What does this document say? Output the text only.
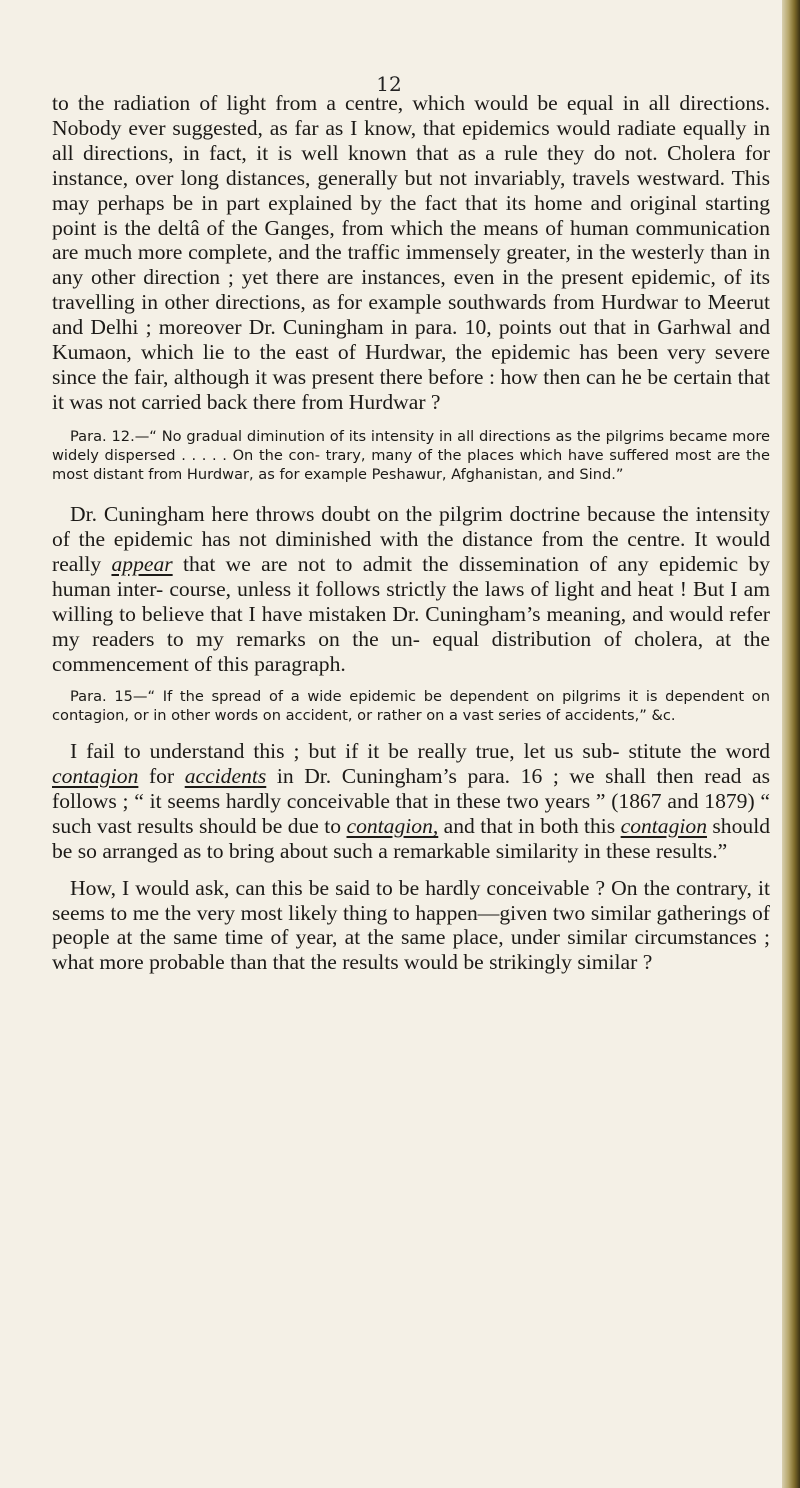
12

to the radiation of light from a centre, which would be equal in all directions. Nobody ever suggested, as far as I know, that epidemics would radiate equally in all directions, in fact, it is well known that as a rule they do not. Cholera for instance, over long distances, generally but not invariably, travels westward. This may perhaps be in part explained by the fact that its home and original starting point is the deltâ of the Ganges, from which the means of human communication are much more complete, and the traffic immensely greater, in the westerly than in any other direction ; yet there are instances, even in the present epidemic, of its travelling in other directions, as for example southwards from Hurdwar to Meerut and Delhi ; moreover Dr. Cuningham in para. 10, points out that in Garhwal and Kumaon, which lie to the east of Hurdwar, the epidemic has been very severe since the fair, although it was present there before : how then can he be certain that it was not carried back there from Hurdwar ?

Para. 12.—“ No gradual diminution of its intensity in all directions as the pilgrims became more widely dispersed . . . . . On the con- trary, many of the places which have suffered most are the most distant from Hurdwar, as for example Peshawur, Afghanistan, and Sind.”

Dr. Cuningham here throws doubt on the pilgrim doctrine because the intensity of the epidemic has not diminished with the distance from the centre. It would really appear that we are not to admit the dissemination of any epidemic by human inter- course, unless it follows strictly the laws of light and heat ! But I am willing to believe that I have mistaken Dr. Cuningham’s meaning, and would refer my readers to my remarks on the un- equal distribution of cholera, at the commencement of this paragraph.

Para. 15—“ If the spread of a wide epidemic be dependent on pilgrims it is dependent on contagion, or in other words on accident, or rather on a vast series of accidents,” &c.

I fail to understand this ; but if it be really true, let us sub- stitute the word contagion for accidents in Dr. Cuningham’s para. 16 ; we shall then read as follows ; “ it seems hardly conceivable that in these two years ” (1867 and 1879) “ such vast results should be due to contagion, and that in both this contagion should be so arranged as to bring about such a remarkable similarity in these results.”

How, I would ask, can this be said to be hardly conceivable ? On the contrary, it seems to me the very most likely thing to happen—given two similar gatherings of people at the same time of year, at the same place, under similar circumstances ; what more probable than that the results would be strikingly similar ?
